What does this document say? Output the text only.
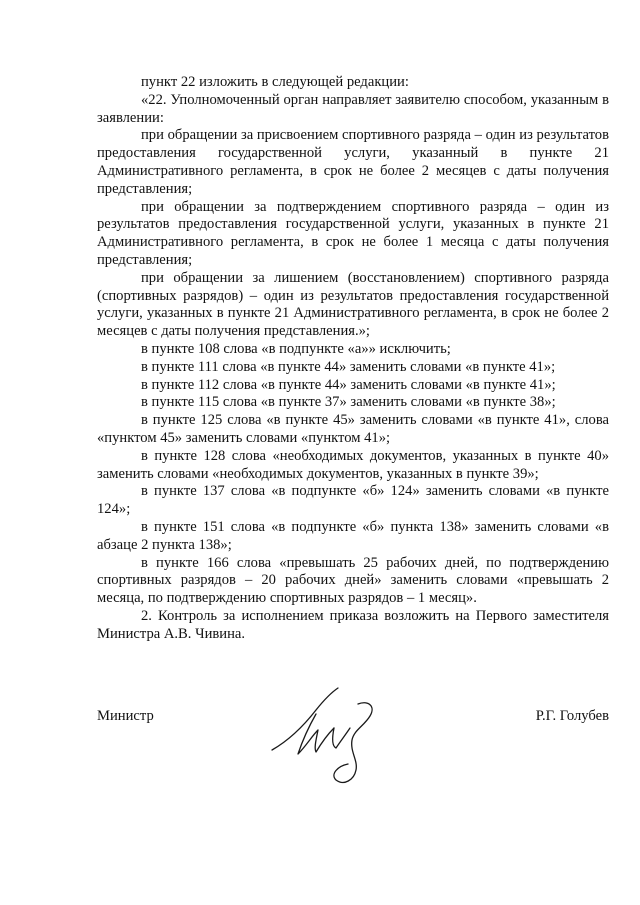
пункт 22 изложить в следующей редакции:

«22. Уполномоченный орган направляет заявителю способом, указанным в заявлении:

при обращении за присвоением спортивного разряда – один из результатов предоставления государственной услуги, указанный в пункте 21 Административного регламента, в срок не более 2 месяцев с даты получения представления;

при обращении за подтверждением спортивного разряда – один из результатов предоставления государственной услуги, указанных в пункте 21 Административного регламента, в срок не более 1 месяца с даты получения представления;

при обращении за лишением (восстановлением) спортивного разряда (спортивных разрядов) – один из результатов предоставления государственной услуги, указанных в пункте 21 Административного регламента, в срок не более 2 месяцев с даты получения представления.»;

в пункте 108 слова «в подпункте «а»» исключить;

в пункте 111 слова «в пункте 44» заменить словами «в пункте 41»;

в пункте 112 слова «в пункте 44» заменить словами «в пункте 41»;

в пункте 115 слова «в пункте 37» заменить словами «в пункте 38»;

в пункте 125 слова «в пункте 45» заменить словами «в пункте 41», слова «пунктом 45» заменить словами «пунктом 41»;

в пункте 128 слова «необходимых документов, указанных в пункте 40» заменить словами «необходимых документов, указанных в пункте 39»;

в пункте 137 слова «в подпункте «б» 124» заменить словами «в пункте 124»;

в пункте 151 слова «в подпункте «б» пункта 138» заменить словами «в абзаце 2 пункта 138»;

в пункте 166 слова «превышать 25 рабочих дней, по подтверждению спортивных разрядов – 20 рабочих дней» заменить словами «превышать 2 месяца, по подтверждению спортивных разрядов – 1 месяц».

2. Контроль за исполнением приказа возложить на Первого заместителя Министра А.В. Чивина.

Министр	Р.Г. Голубев
